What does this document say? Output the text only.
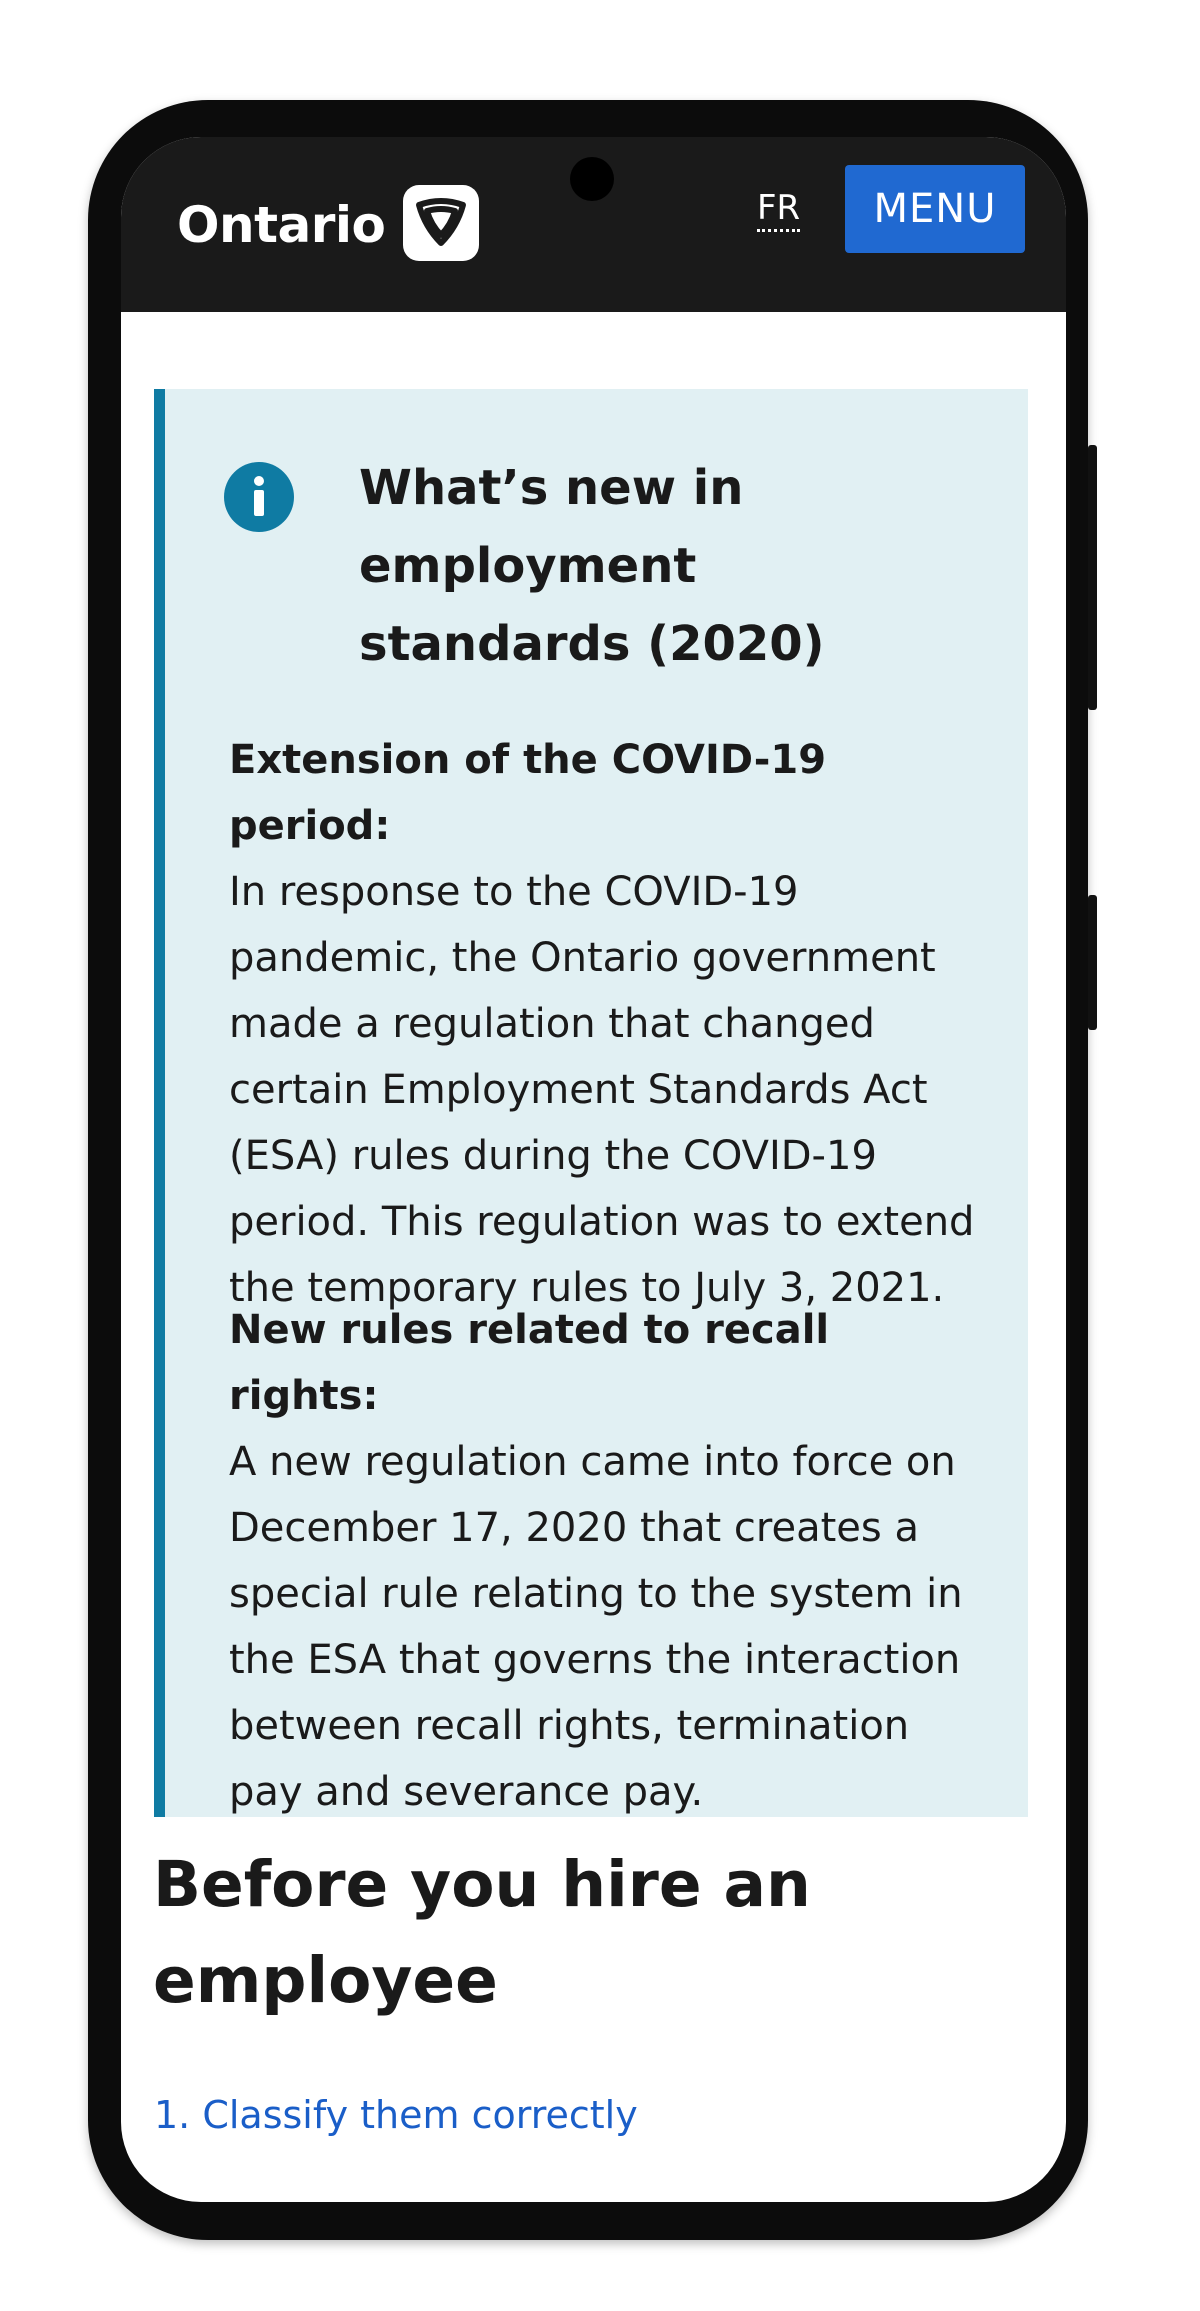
Ontario	FR	MENU
What’s new in employment standards (2020)

Extension of the COVID-19 period:
In response to the COVID-19 pandemic, the Ontario government made a regulation that changed certain Employment Standards Act (ESA) rules during the COVID-19 period. This regulation was to extend the temporary rules to July 3, 2021.

New rules related to recall rights:
A new regulation came into force on December 17, 2020 that creates a special rule relating to the system in the ESA that governs the interaction between recall rights, termination pay and severance pay.

Before you hire an employee
1. Classify them correctly
